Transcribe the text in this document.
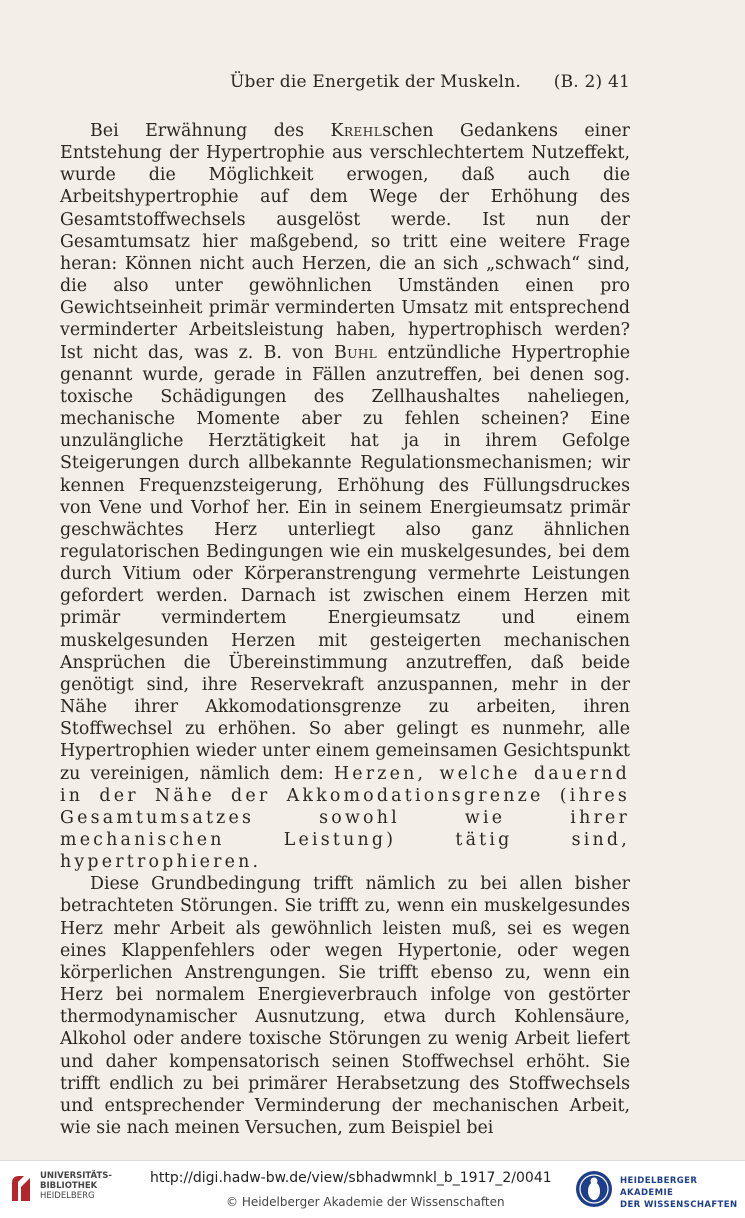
Über die Energetik der Muskeln. (B. 2) 41

Bei Erwähnung des Krehlschen Gedankens einer Entstehung der Hypertrophie aus verschlechtertem Nutzeffekt, wurde die Möglichkeit erwogen, daß auch die Arbeitshypertrophie auf dem Wege der Erhöhung des Gesamtstoffwechsels ausgelöst werde. Ist nun der Gesamtumsatz hier maßgebend, so tritt eine weitere Frage heran: Können nicht auch Herzen, die an sich „schwach“ sind, die also unter gewöhnlichen Umständen einen pro Gewichtseinheit primär verminderten Umsatz mit entsprechend verminderter Arbeitsleistung haben, hypertrophisch werden? Ist nicht das, was z. B. von Buhl entzündliche Hypertrophie genannt wurde, gerade in Fällen anzutreffen, bei denen sog. toxische Schädigungen des Zellhaushaltes naheliegen, mechanische Momente aber zu fehlen scheinen? Eine unzulängliche Herztätigkeit hat ja in ihrem Gefolge Steigerungen durch allbekannte Regulationsmechanismen; wir kennen Frequenzsteigerung, Erhöhung des Füllungsdruckes von Vene und Vorhof her. Ein in seinem Energieumsatz primär geschwächtes Herz unterliegt also ganz ähnlichen regulatorischen Bedingungen wie ein muskelgesundes, bei dem durch Vitium oder Körperanstrengung vermehrte Leistungen gefordert werden. Darnach ist zwischen einem Herzen mit primär vermindertem Energieumsatz und einem muskelgesunden Herzen mit gesteigerten mechanischen Ansprüchen die Übereinstimmung anzutreffen, daß beide genötigt sind, ihre Reservekraft anzuspannen, mehr in der Nähe ihrer Akkomodationsgrenze zu arbeiten, ihren Stoffwechsel zu erhöhen. So aber gelingt es nunmehr, alle Hypertrophien wieder unter einem gemeinsamen Gesichtspunkt zu vereinigen, nämlich dem: Herzen, welche dauernd in der Nähe der Akkomodationsgrenze (ihres Gesamtumsatzes sowohl wie ihrer mechanischen Leistung) tätig sind, hypertrophieren.

Diese Grundbedingung trifft nämlich zu bei allen bisher betrachteten Störungen. Sie trifft zu, wenn ein muskelgesundes Herz mehr Arbeit als gewöhnlich leisten muß, sei es wegen eines Klappenfehlers oder wegen Hypertonie, oder wegen körperlichen Anstrengungen. Sie trifft ebenso zu, wenn ein Herz bei normalem Energieverbrauch infolge von gestörter thermodynamischer Ausnutzung, etwa durch Kohlensäure, Alkohol oder andere toxische Störungen zu wenig Arbeit liefert und daher kompensatorisch seinen Stoffwechsel erhöht. Sie trifft endlich zu bei primärer Herabsetzung des Stoffwechsels und entsprechender Verminderung der mechanischen Arbeit, wie sie nach meinen Versuchen, zum Beispiel bei

UNIVERSITÄTS-
BIBLIOTHEK
HEIDELBERG
http://digi.hadw-bw.de/view/sbhadwmnkl_b_1917_2/0041
© Heidelberger Akademie der Wissenschaften
HEIDELBERGER AKADEMIE
DER WISSENSCHAFTEN
